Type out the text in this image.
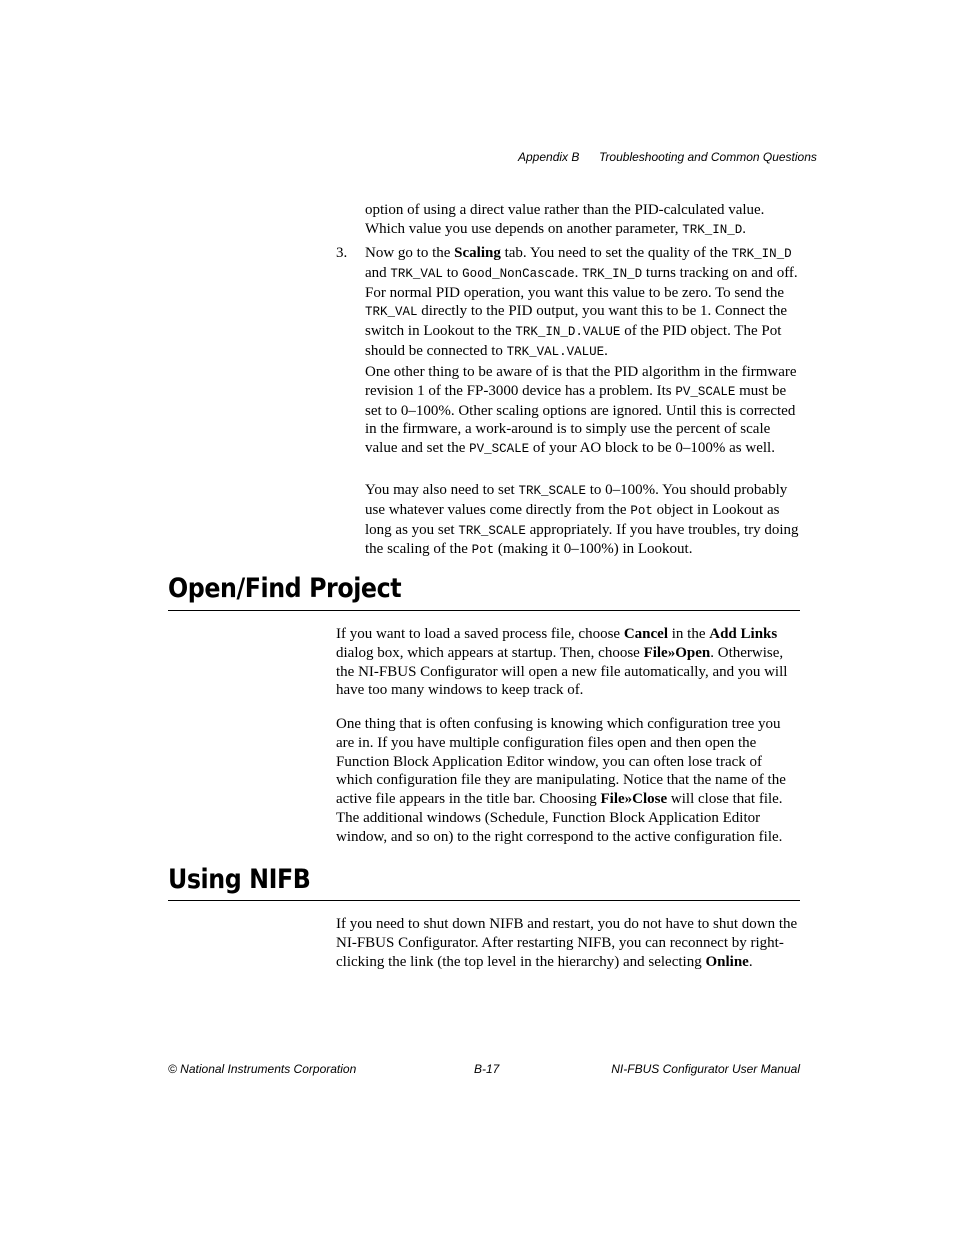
Appendix B Troubleshooting and Common Questions

option of using a direct value rather than the PID-calculated value. Which value you use depends on another parameter, TRK_IN_D.

3. Now go to the Scaling tab. You need to set the quality of the TRK_IN_D and TRK_VAL to Good_NonCascade. TRK_IN_D turns tracking on and off. For normal PID operation, you want this value to be zero. To send the TRK_VAL directly to the PID output, you want this to be 1. Connect the switch in Lookout to the TRK_IN_D.VALUE of the PID object. The Pot should be connected to TRK_VAL.VALUE.

One other thing to be aware of is that the PID algorithm in the firmware revision 1 of the FP-3000 device has a problem. Its PV_SCALE must be set to 0–100%. Other scaling options are ignored. Until this is corrected in the firmware, a work-around is to simply use the percent of scale value and set the PV_SCALE of your AO block to be 0–100% as well.

You may also need to set TRK_SCALE to 0–100%. You should probably use whatever values come directly from the Pot object in Lookout as long as you set TRK_SCALE appropriately. If you have troubles, try doing the scaling of the Pot (making it 0–100%) in Lookout.

Open/Find Project

If you want to load a saved process file, choose Cancel in the Add Links dialog box, which appears at startup. Then, choose File»Open. Otherwise, the NI-FBUS Configurator will open a new file automatically, and you will have too many windows to keep track of.

One thing that is often confusing is knowing which configuration tree you are in. If you have multiple configuration files open and then open the Function Block Application Editor window, you can often lose track of which configuration file they are manipulating. Notice that the name of the active file appears in the title bar. Choosing File»Close will close that file. The additional windows (Schedule, Function Block Application Editor window, and so on) to the right correspond to the active configuration file.

Using NIFB

If you need to shut down NIFB and restart, you do not have to shut down the NI-FBUS Configurator. After restarting NIFB, you can reconnect by right-clicking the link (the top level in the hierarchy) and selecting Online.

© National Instruments Corporation	B-17	NI-FBUS Configurator User Manual
